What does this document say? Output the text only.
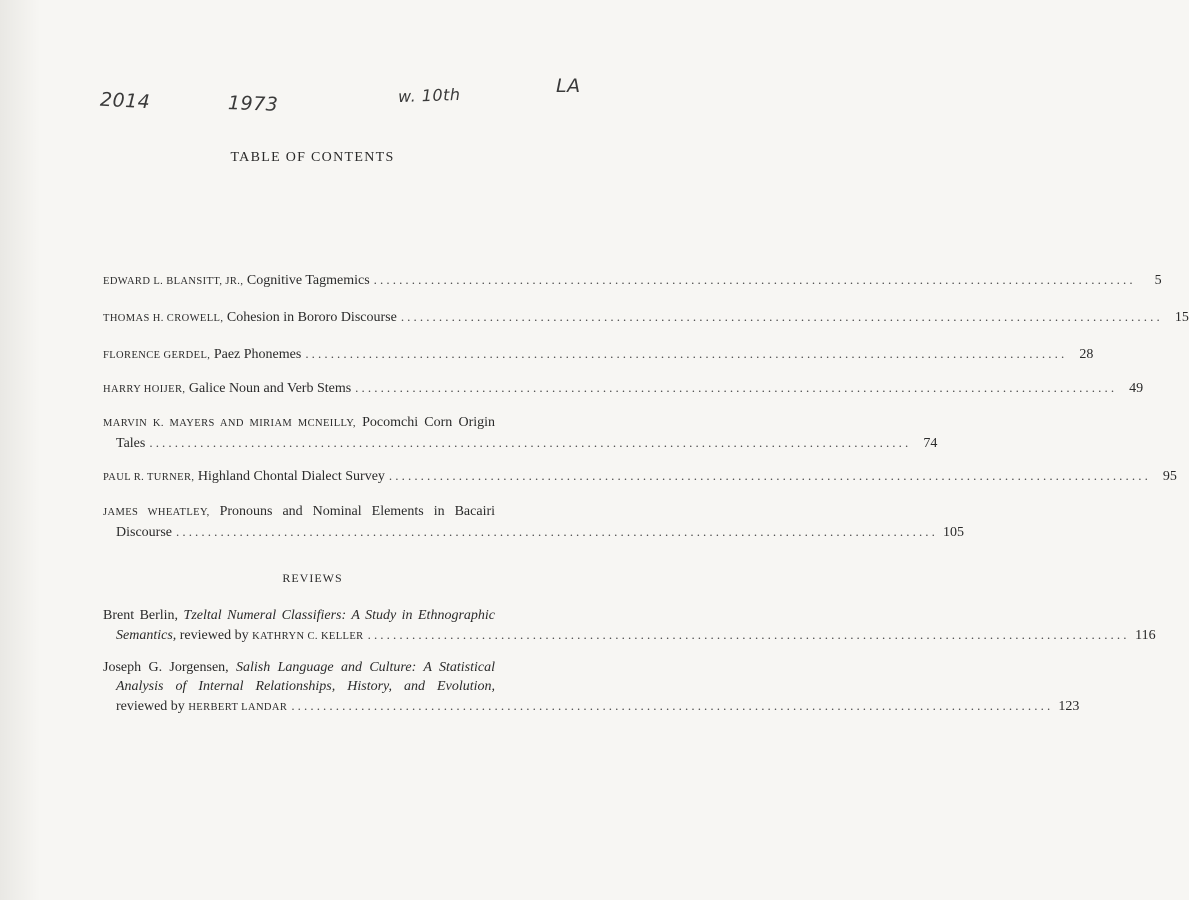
2014	1973	w. 10th	LA
TABLE OF CONTENTS
EDWARD L. BLANSITT, JR., Cognitive Tagmemics ........................................................................................................................	5
THOMAS H. CROWELL, Cohesion in Bororo Discourse ........................................................................................................................ 15
FLORENCE GERDEL, Paez Phonemes ........................................................................................................................ 28
HARRY HOIJER, Galice Noun and Verb Stems ........................................................................................................................ 49
MARVIN K. MAYERS AND MIRIAM MCNEILLY, Pocomchi Corn Origin
Tales ........................................................................................................................ 74
PAUL R. TURNER, Highland Chontal Dialect Survey ........................................................................................................................ 95
JAMES WHEATLEY, Pronouns and Nominal Elements in Bacairi
Discourse ........................................................................................................................ 105
REVIEWS
Brent Berlin, Tzeltal Numeral Classifiers: A Study in Ethnographic
Semantics, reviewed by KATHRYN C. KELLER ........................................................................................................................ 116
Joseph G. Jorgensen, Salish Language and Culture: A Statistical
Analysis of Internal Relationships, History, and Evolution,
reviewed by HERBERT LANDAR ........................................................................................................................ 123
